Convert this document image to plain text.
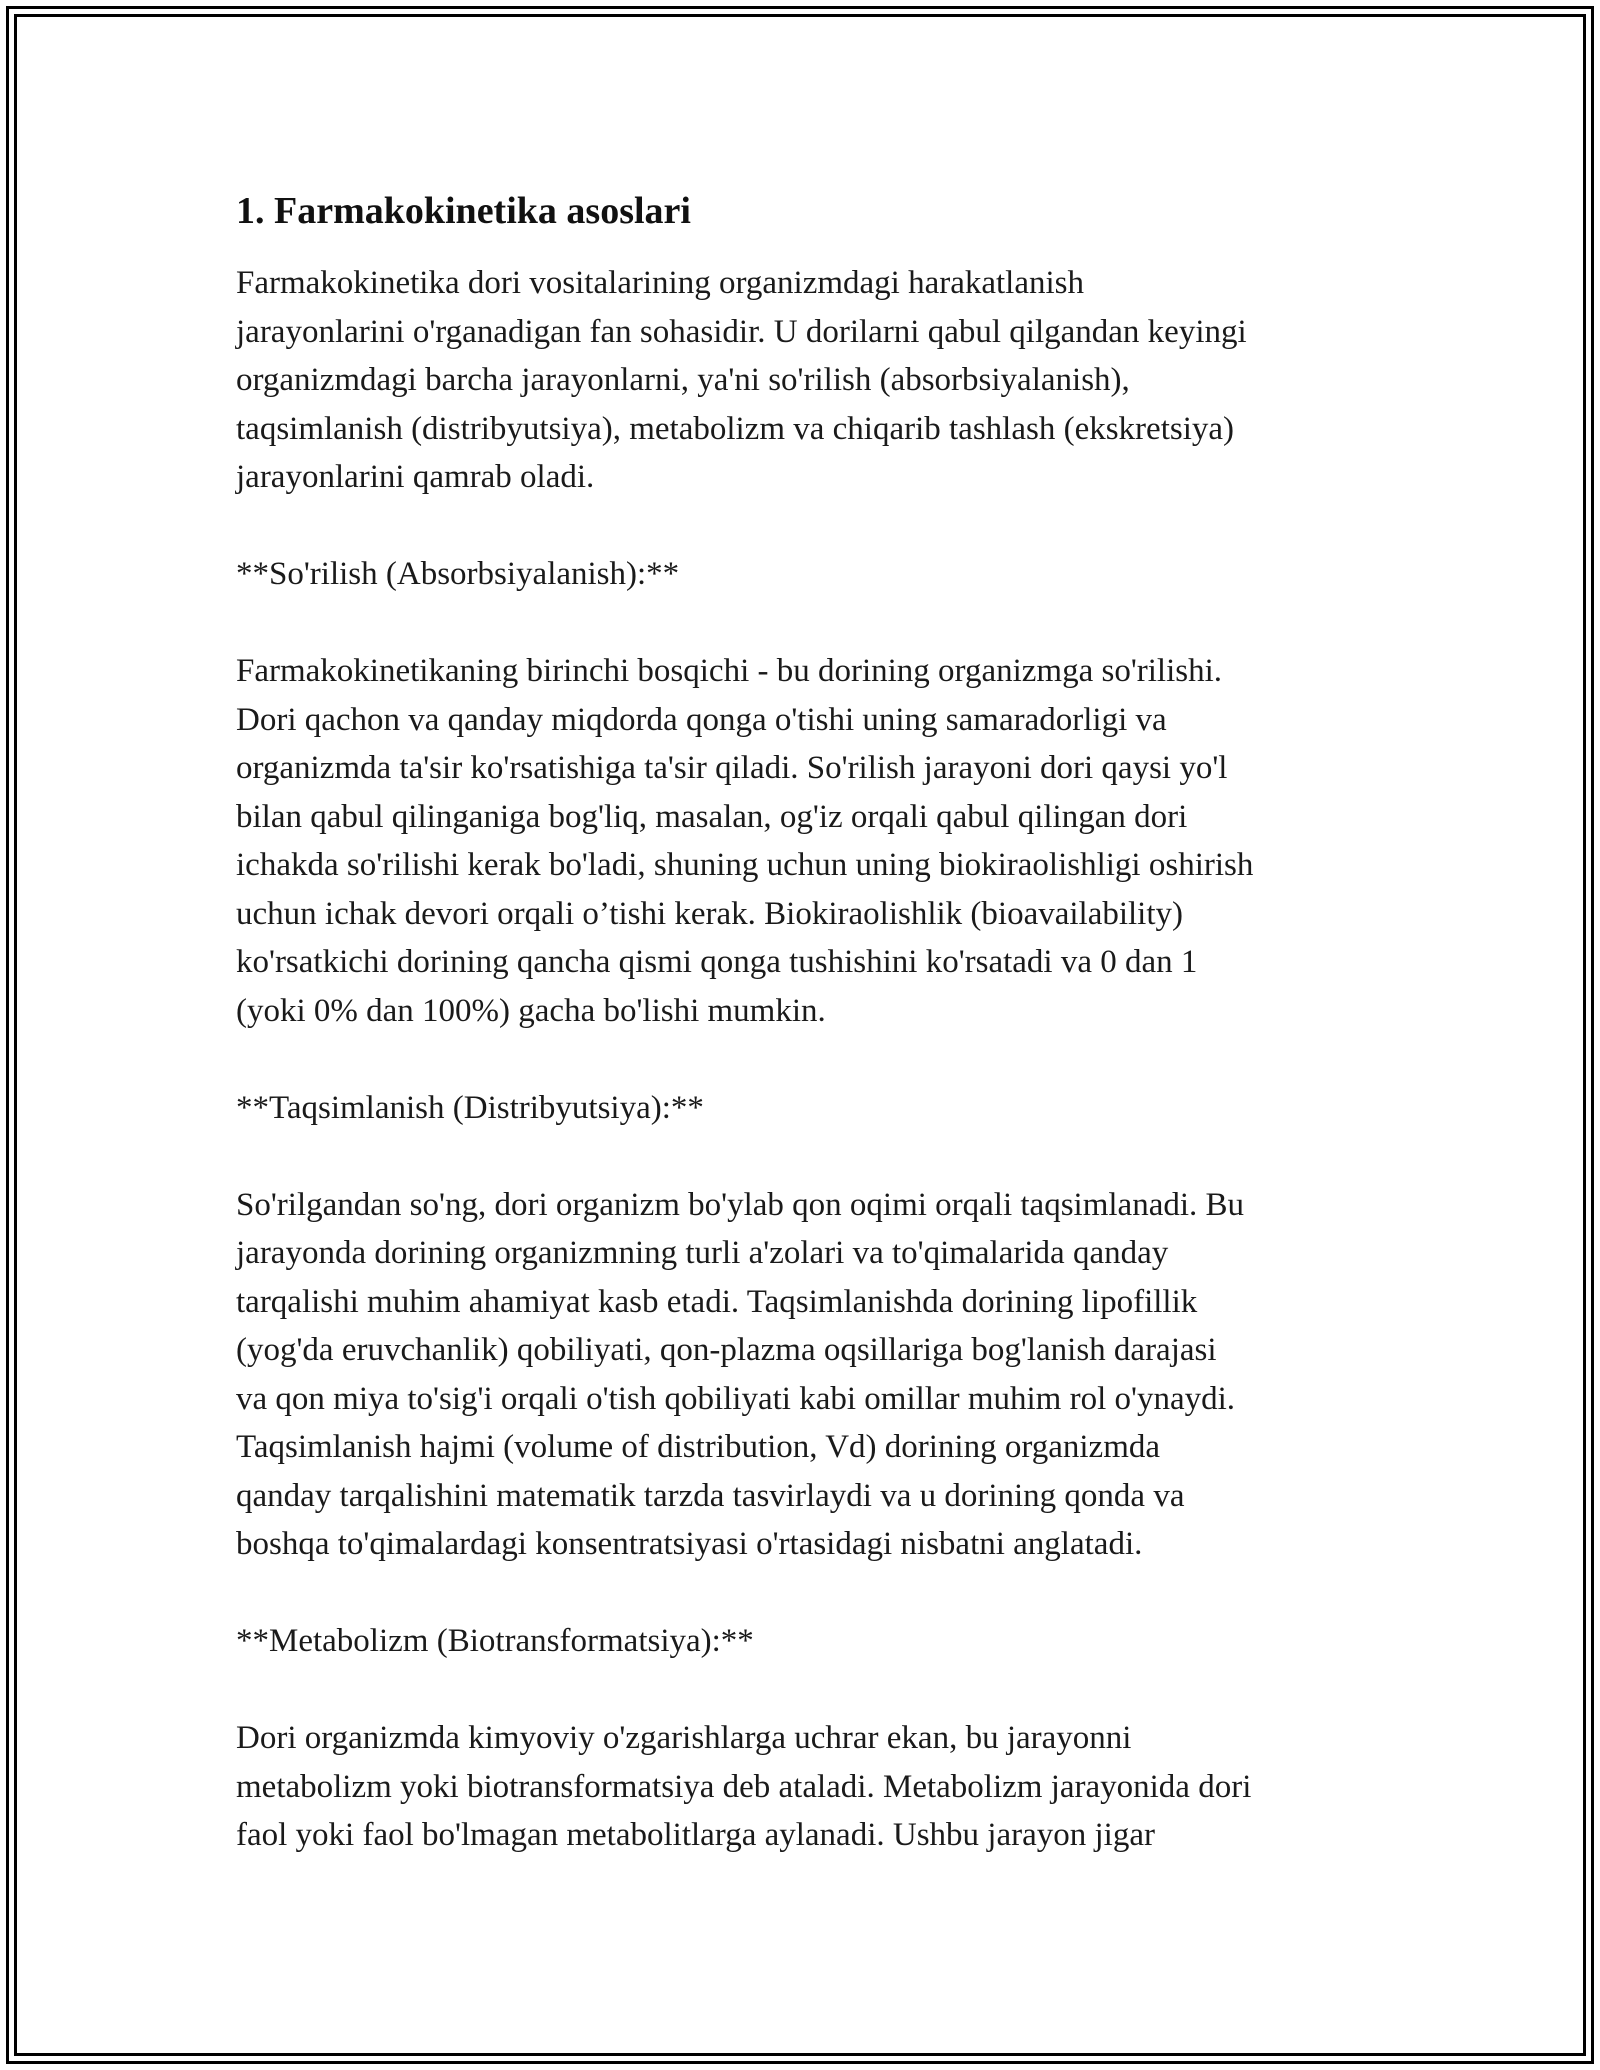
1. Farmakokinetika asoslari

Farmakokinetika dori vositalarining organizmdagi harakatlanish
jarayonlarini o'rganadigan fan sohasidir. U dorilarni qabul qilgandan keyingi
organizmdagi barcha jarayonlarni, ya'ni so'rilish (absorbsiyalanish),
taqsimlanish (distribyutsiya), metabolizm va chiqarib tashlash (ekskretsiya)
jarayonlarini qamrab oladi.

**So'rilish (Absorbsiyalanish):**

Farmakokinetikaning birinchi bosqichi - bu dorining organizmga so'rilishi.
Dori qachon va qanday miqdorda qonga o'tishi uning samaradorligi va
organizmda ta'sir ko'rsatishiga ta'sir qiladi. So'rilish jarayoni dori qaysi yo'l
bilan qabul qilinganiga bog'liq, masalan, og'iz orqali qabul qilingan dori
ichakda so'rilishi kerak bo'ladi, shuning uchun uning biokiraolishligi oshirish
uchun ichak devori orqali o’tishi kerak. Biokiraolishlik (bioavailability)
ko'rsatkichi dorining qancha qismi qonga tushishini ko'rsatadi va 0 dan 1
(yoki 0% dan 100%) gacha bo'lishi mumkin.

**Taqsimlanish (Distribyutsiya):**

So'rilgandan so'ng, dori organizm bo'ylab qon oqimi orqali taqsimlanadi. Bu
jarayonda dorining organizmning turli a'zolari va to'qimalarida qanday
tarqalishi muhim ahamiyat kasb etadi. Taqsimlanishda dorining lipofillik
(yog'da eruvchanlik) qobiliyati, qon-plazma oqsillariga bog'lanish darajasi
va qon miya to'sig'i orqali o'tish qobiliyati kabi omillar muhim rol o'ynaydi.
Taqsimlanish hajmi (volume of distribution, Vd) dorining organizmda
qanday tarqalishini matematik tarzda tasvirlaydi va u dorining qonda va
boshqa to'qimalardagi konsentratsiyasi o'rtasidagi nisbatni anglatadi.

**Metabolizm (Biotransformatsiya):**

Dori organizmda kimyoviy o'zgarishlarga uchrar ekan, bu jarayonni
metabolizm yoki biotransformatsiya deb ataladi. Metabolizm jarayonida dori
faol yoki faol bo'lmagan metabolitlarga aylanadi. Ushbu jarayon jigar
